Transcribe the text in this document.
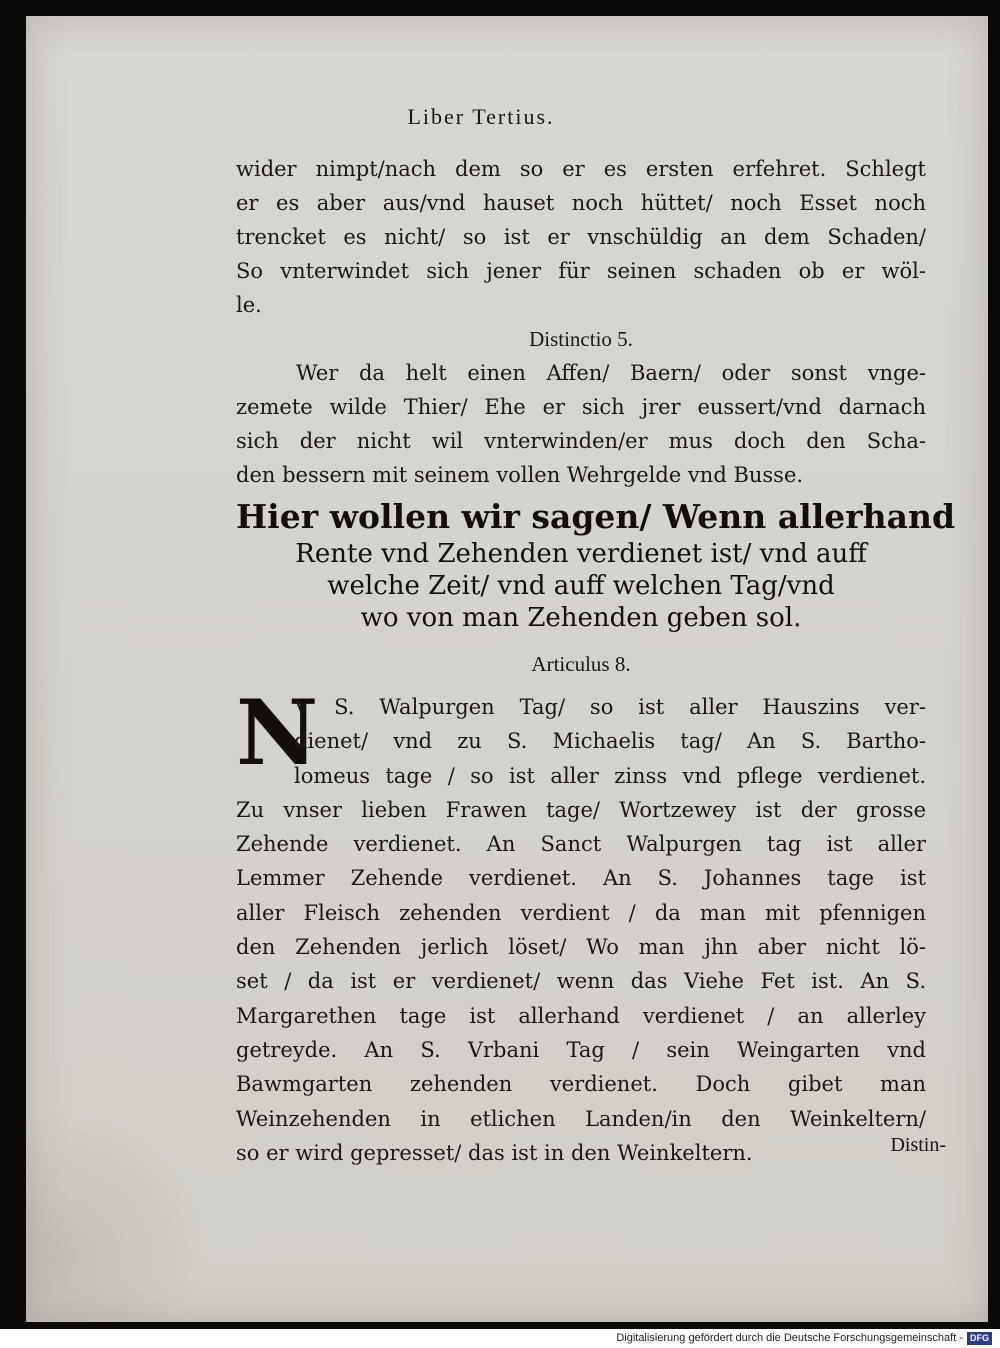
Liber Tertius.
wider nimpt/nach dem so er es ersten erfehret. Schlegt
er es aber aus/vnd hauset noch hüttet/ noch Esset noch
trencket es nicht/ so ist er vnschüldig an dem Schaden/
So vnterwindet sich jener für seinen schaden ob er wöl-
le.
Distinctio 5.
Wer da helt einen Affen/ Baern/ oder sonst vnge-
zemete wilde Thier/ Ehe er sich jrer eussert/vnd darnach
sich der nicht wil vnterwinden/er mus doch den Scha-
den bessern mit seinem vollen Wehrgelde vnd Busse.
Hier wollen wir sagen/ Wenn allerhand
Rente vnd Zehenden verdienet ist/ vnd auff
welche Zeit/ vnd auff welchen Tag/vnd
wo von man Zehenden geben sol.
Articulus 8.
N
V S. Walpurgen Tag/ so ist aller Hauszins ver-
dienet/ vnd zu S. Michaelis tag/ An S. Bartho-
lomeus tage / so ist aller zinss vnd pflege verdienet.
Zu vnser lieben Frawen tage/ Wortzewey ist der grosse
Zehende verdienet. An Sanct Walpurgen tag ist aller
Lemmer Zehende verdienet. An S. Johannes tage ist
aller Fleisch zehenden verdient / da man mit pfennigen
den Zehenden jerlich löset/ Wo man jhn aber nicht lö-
set / da ist er verdienet/ wenn das Viehe Fet ist. An S.
Margarethen tage ist allerhand verdienet / an allerley
getreyde. An S. Vrbani Tag / sein Weingarten vnd
Bawmgarten zehenden verdienet. Doch gibet man
Weinzehenden in etlichen Landen/in den Weinkeltern/
so er wird gepresset/ das ist in den Weinkeltern.	Distin-
Digitalisierung gefördert durch die Deutsche Forschungsgemeinschaft - DFG
